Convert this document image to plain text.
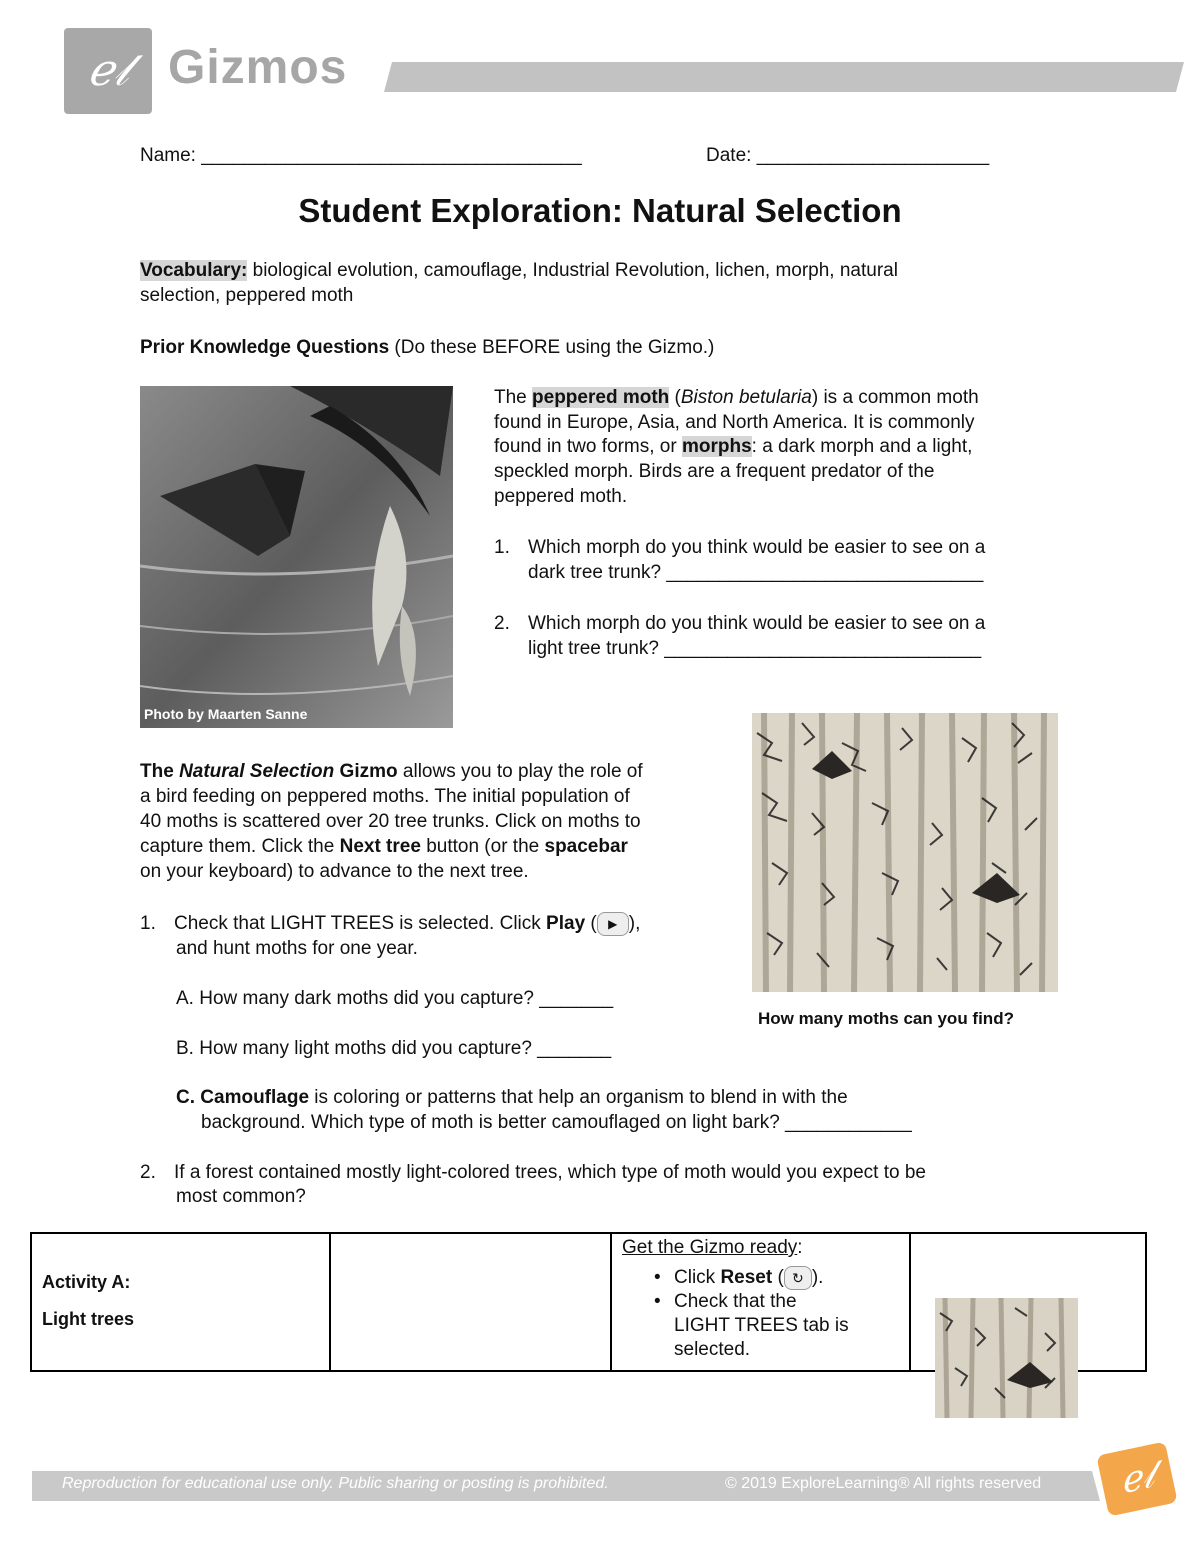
ℯ𝓁 Gizmos
Name: ____________________________________	Date: ______________________
Student Exploration: Natural Selection
Vocabulary: biological evolution, camouflage, Industrial Revolution, lichen, morph, natural
selection, peppered moth
Prior Knowledge Questions (Do these BEFORE using the Gizmo.)
Photo by Maarten Sanne
The peppered moth (Biston betularia) is a common moth
found in Europe, Asia, and North America. It is commonly
found in two forms, or morphs: a dark morph and a light,
speckled morph. Birds are a frequent predator of the
peppered moth.
1. Which morph do you think would be easier to see on a
dark tree trunk? ______________________________
2. Which morph do you think would be easier to see on a
light tree trunk? ______________________________
How many moths can you find?
The Natural Selection Gizmo allows you to play the role of
a bird feeding on peppered moths. The initial population of
40 moths is scattered over 20 tree trunks. Click on moths to
capture them. Click the Next tree button (or the spacebar
on your keyboard) to advance to the next tree.
1. Check that LIGHT TREES is selected. Click Play ( ▶ ),
and hunt moths for one year.
A. How many dark moths did you capture? _______
B. How many light moths did you capture? _______
C. Camouflage is coloring or patterns that help an organism to blend in with the
background. Which type of moth is better camouflaged on light bark? ____________
2. If a forest contained mostly light-colored trees, which type of moth would you expect to be
most common?
Activity A:
Light trees

Get the Gizmo ready:
• Click Reset ( ↻ ).
• Check that the
LIGHT TREES tab is
selected.

Reproduction for educational use only. Public sharing or posting is prohibited.	© 2019 ExploreLearning® All rights reserved	ℯ𝓁
